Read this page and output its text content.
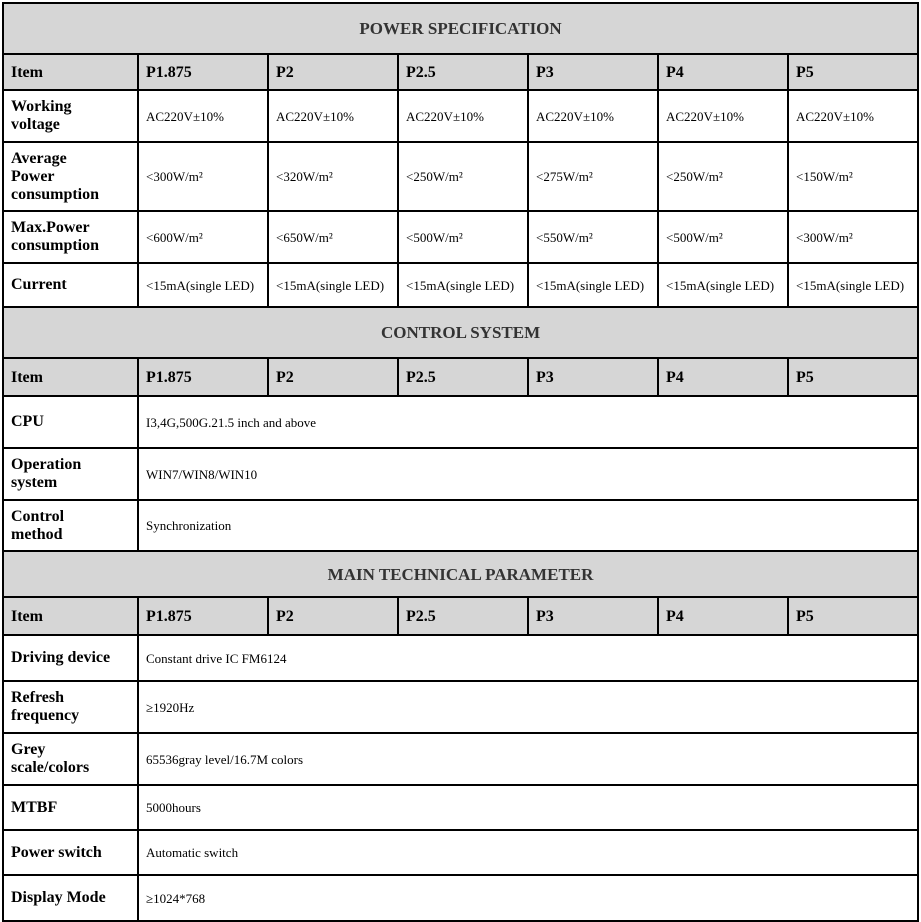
POWER SPECIFICATION						
Item	P1.875	P2	P2.5	P3	P4	P5

Working
voltage	AC220V±10%	AC220V±10%	AC220V±10%	AC220V±10%	AC220V±10%	AC220V±10%

Average
Power
consumption	<300W/m²	<320W/m²	<250W/m²	<275W/m²	<250W/m²	<150W/m²

Max.Power
consumption	<600W/m²	<650W/m²	<500W/m²	<550W/m²	<500W/m²	<300W/m²

Current	<15mA(single LED)	<15mA(single LED)	<15mA(single LED)	<15mA(single LED)	<15mA(single LED)	<15mA(single LED)
CONTROL SYSTEM						
Item	P1.875	P2	P2.5	P3	P4	P5

CPU	I3,4G,500G.21.5 inch and above					

Operation
system	WIN7/WIN8/WIN10					

Control
method	Synchronization					
MAIN TECHNICAL PARAMETER						
Item	P1.875	P2	P2.5	P3	P4	P5

Driving device	Constant drive IC FM6124					

Refresh
frequency	≥1920Hz					

Grey
scale/colors	65536gray level/16.7M colors					

MTBF	5000hours					

Power switch	Automatic switch					

Display Mode	≥1024*768					
